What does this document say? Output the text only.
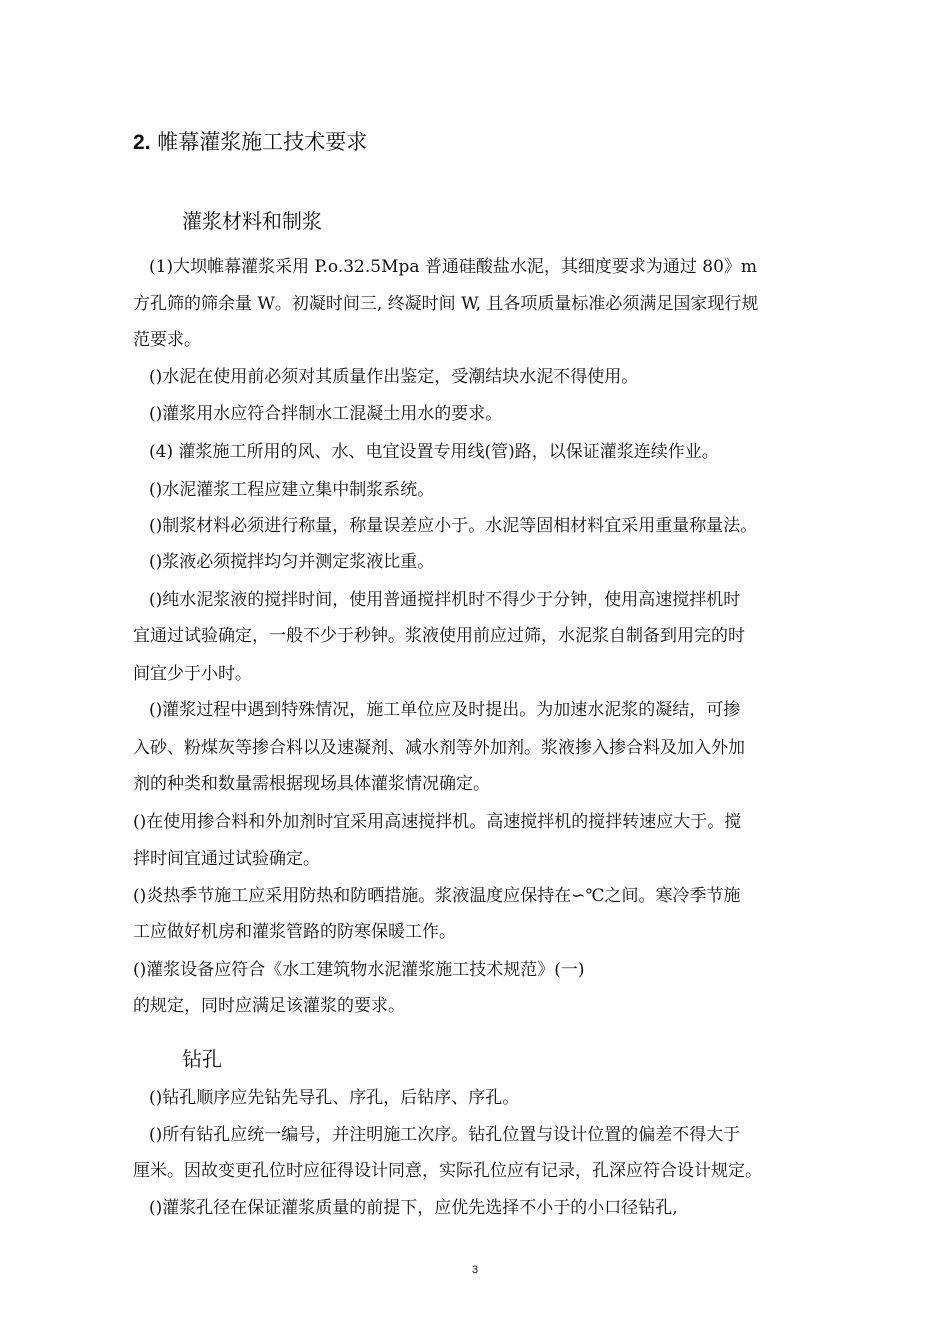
2. 帷幕灌浆施工技术要求
灌浆材料和制浆
(1)大坝帷幕灌浆采用 P.o.32.5Mpa 普通硅酸盐水泥，其细度要求为通过 80》m
方孔筛的筛余量 W。初凝时间三, 终凝时间 W, 且各项质量标准必须满足国家现行规
范要求。
()水泥在使用前必须对其质量作出鉴定，受潮结块水泥不得使用。
()灌浆用水应符合拌制水工混凝土用水的要求。
(4) 灌浆施工所用的风、水、电宜设置专用线(管)路，以保证灌浆连续作业。
()水泥灌浆工程应建立集中制浆系统。
()制浆材料必须进行称量，称量误差应小于。水泥等固相材料宜采用重量称量法。
()浆液必须搅拌均匀并测定浆液比重。
()纯水泥浆液的搅拌时间，使用普通搅拌机时不得少于分钟，使用高速搅拌机时
宜通过试验确定，一般不少于秒钟。浆液使用前应过筛，水泥浆自制备到用完的时
间宜少于小时。
()灌浆过程中遇到特殊情况，施工单位应及时提出。为加速水泥浆的凝结，可掺
入砂、粉煤灰等掺合料以及速凝剂、减水剂等外加剂。浆液掺入掺合料及加入外加
剂的种类和数量需根据现场具体灌浆情况确定。
()在使用掺合料和外加剂时宜采用高速搅拌机。高速搅拌机的搅拌转速应大于。搅
拌时间宜通过试验确定。
()炎热季节施工应采用防热和防晒措施。浆液温度应保持在∽℃之间。寒冷季节施
工应做好机房和灌浆管路的防寒保暖工作。
()灌浆设备应符合《水工建筑物水泥灌浆施工技术规范》(一)
的规定，同时应满足该灌浆的要求。
钻孔
()钻孔顺序应先钻先导孔、序孔，后钻序、序孔。
()所有钻孔应统一编号，并注明施工次序。钻孔位置与设计位置的偏差不得大于
厘米。因故变更孔位时应征得设计同意，实际孔位应有记录，孔深应符合设计规定。
()灌浆孔径在保证灌浆质量的前提下，应优先选择不小于的小口径钻孔,
3
